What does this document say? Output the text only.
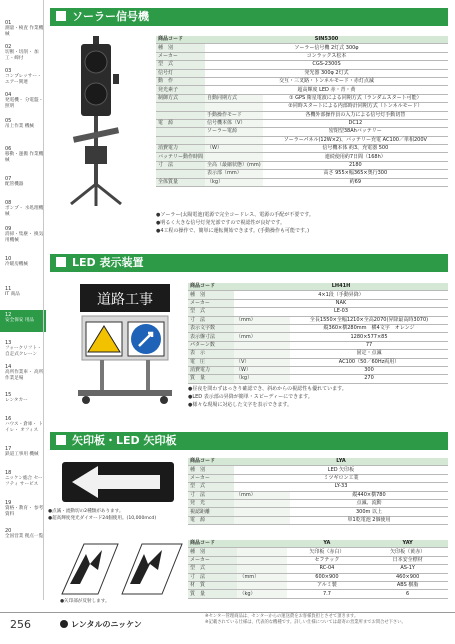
01
測量・検査 作業機械
02
切断・切削・ 加工・締付
03
コンプレッサー・ エアー関連
04
発電機・ 分電盤・照明
05
吊上作業 機械
06
移動・運搬 作業機械
07
配管機器
08
ポンプ・ 水処理機械
09
消掃・集塵・ 換気用機械
10
冷暖房機械
11
IT 商品
12
安全保安 用品
13
フォークリフト・ 自走式クレーン
14
高所作業車・ 高所作業足場
15
レンタカー
16
ハウス・倉庫・ トイレ・ オフィス
17
鉄道工事用 機械
18
ニッケン総合 セーフティ サービス
19
資格・教育・ 参考資料
20
全国営業 拠点一覧
ソーラー信号機
商品コード	SIN5300	
種　別	ソーラー信号機 2灯式 300φ	
メーカー	コンラックス松本	
型　式	CGS-2300S	
信号灯	発光器 300φ 2灯式	
動　作	交互・三叉路・トンネルモード・赤灯点滅	
発光素子	超高輝度 LED 赤・青・黄	
制御方式	自動同期方式	① GPS 衛星電波による同期方式（ランダムスタート可能）
		②同時スタートによる内部時計同期方式（トンネルモード）
	手動操作モード	各機外部操作員の入力による信号灯手動切替
電　源	信号機本体（V）	DC12
	ソーラー電源	密閉型38Ahバッテリー
		ソーラーパネル(12W×2)、バッテリー充電 AC100／単相200V
消費電力	（W）	信号機本体 約3、充電器 500
バッテリー動作時間		連続使用約7日間（168h）
寸　法	全高（最縮状態）(mm)	2180
	表示部（mm）	高さ 955×幅365×奥行300
全体質量	（kg）	約69
●ソーラー(太陽電池)電源で完全コードレス、電源の手配が不要です。
●明るく大きな信号灯発光部ですので視認性が良好です。
●4工程の操作で、簡単に運転開始できます。(手動操作も可能です。)
LED 表示装置
道路工事
商品コード	LH41H	
種　別	4×1段（手動昇降）	
メーカー	NAK	
型　式	LE-03	
寸　法	（mm）	全長1550×全幅1210×全高2070(昇降最高時3070)
表示文字数		縦360×横280mm　横4文字　オレンジ
表示盤寸法	（mm）	1280×577×85
パターン数		77
表　示		固定・点滅
電　圧	（V）	AC100（50／60Hz両用）
消費電力	（W）	300
質　量	（kg）	270
●昼夜を問わずはっきり確認でき、斜めからの視認性も優れています。
●LED 表示部の昇降が簡単・スピーディーにできます。
●様々な現場に対応した文字を表示できます。
矢印板・LED 矢印板
●点滅・流動切の2種類があります。
●超高輝度発光ダイオード24個使用。(10,000mcd)
商品コード	LYA	
種　別	LED 矢印板	
メーカー	ミツギロン工業	
型　式	LY-33	
寸　法	（mm）	縦440×横780
発　光		点滅、流動
視認距離		300m 以上
電　源		単1乾電池 2個使用
●矢印部が反射します。
商品コード		YA	YAY
種　別		矢印板（赤白）	矢印板（黄赤）
メーカー		セフテック	日本安全標材
型　式		RC-04	AS-1Y
寸　法	（mm）	600×900	460×900
材　質		アルミ製	ABS 樹脂
質　量	（kg）	7.7	6
256	レンタルのニッケン
※センター管理商品は、センターからの運送費をお客様負担とさせて頂きます。
※記載されている仕様は、代表的な機種です。詳しい仕様については最寄の営業所までお問合せ下さい。
